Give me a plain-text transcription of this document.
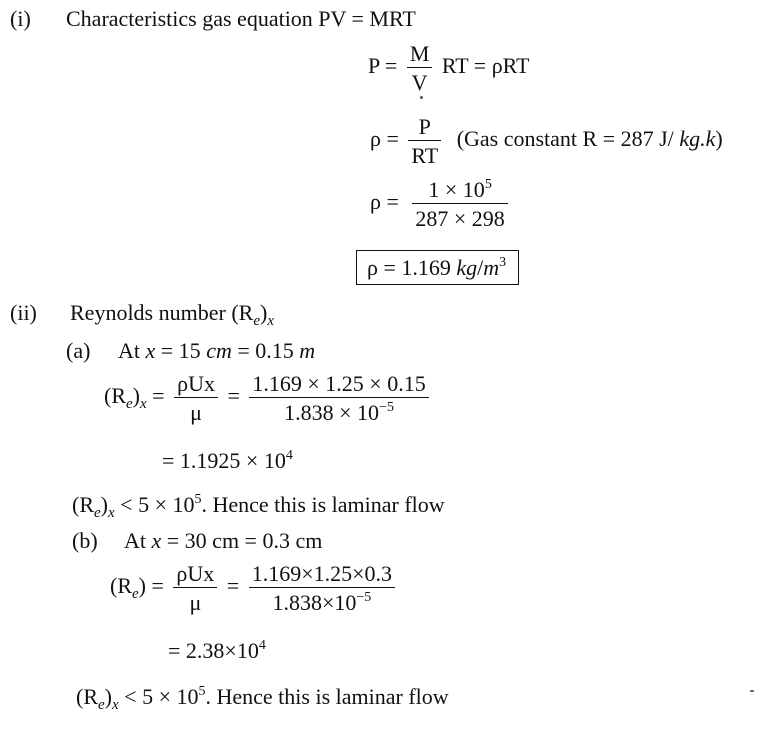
(i) Characteristics gas equation PV = MRT
$P = \frac{M}{V}$ RT = ρRT
$\rho = \frac{P}{RT} (Gas$ constant R = 287 J/ kg.k)
$\rho = \frac{1 \times 10^5}{287 \times 298}$
ρ = 1.169 $kg/m^3$
(ii) Reynolds number $(R_e)_x$
(a) At x = 15 cm = 0.15 m
$(R_e)_x = \frac{\text{ρUx}}{\mu} = \frac{1.169 \times 1.25 \times 0.15}{1.838 \times 10^{-5}}$
= $1.1925 \times 10^4$
$(R_e)_x < 5 \times 10^5$. Hence this is laminar flow
(b) At x = 30 cm = 0.3 cm
$(R_e) = \frac{\text{ρUx}}{\mu} = \frac{1.169\times 1.25\times 0.3}{1.838\times 10^{-5}}$
= $2.38\times 10^4$
$(R_e)_x < 5 \times 10^5$. Hence this is laminar flow
